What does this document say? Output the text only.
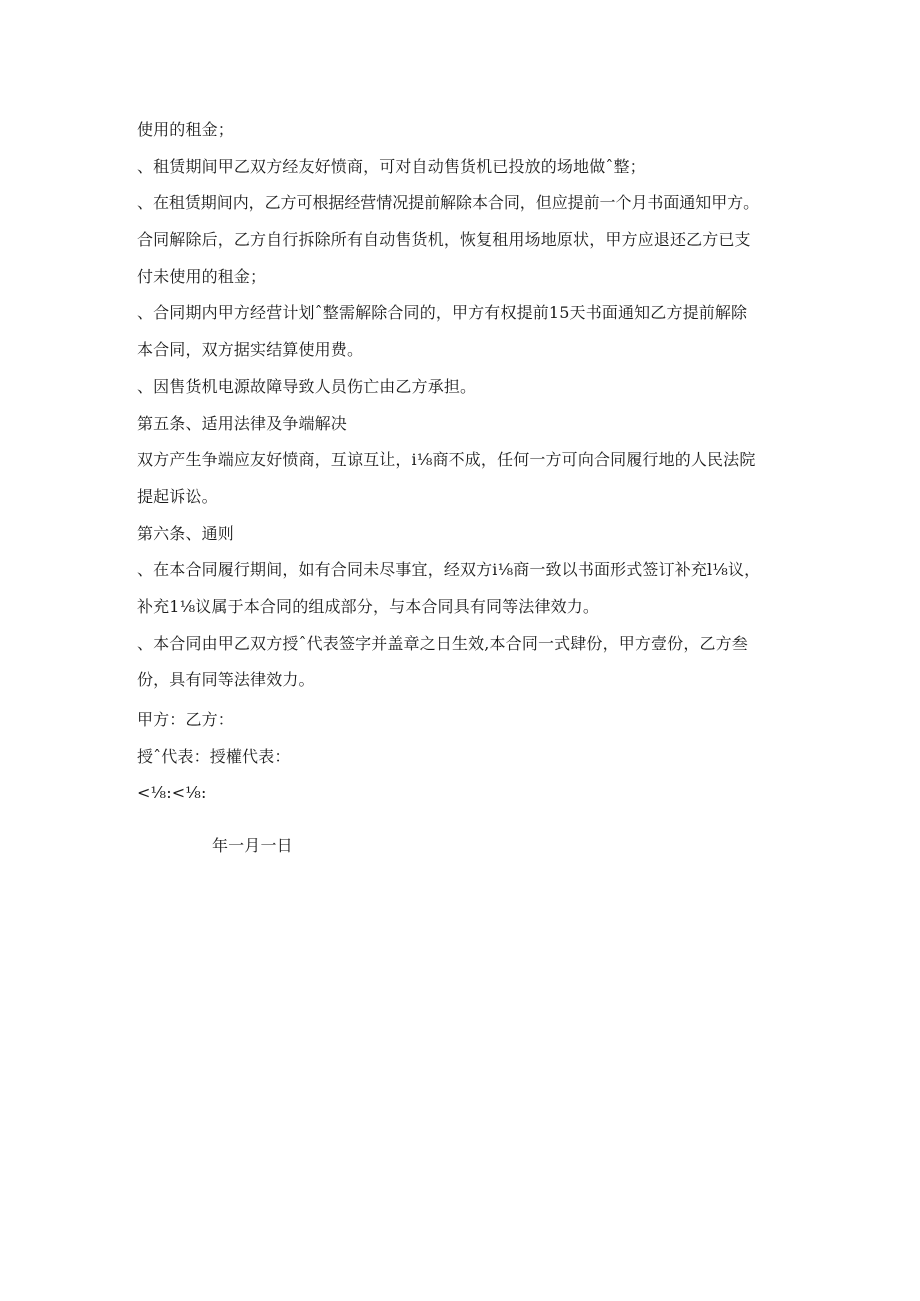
使用的租金；
、租赁期间甲乙双方经友好愤商，可对自动售货机已投放的场地做ˆ整；
、在租赁期间内，乙方可根据经营情况提前解除本合同，但应提前一个月书面通知甲方。
合同解除后，乙方自行拆除所有自动售货机，恢复租用场地原状，甲方应退还乙方已支
付未使用的租金；
、合同期内甲方经营计划ˆ整需解除合同的，甲方有权提前15天书面通知乙方提前解除
本合同，双方据实结算使用费。
、因售货机电源故障导致人员伤亡由乙方承担。
第五条、适用法律及争端解决
双方产生争端应友好愤商，互谅互让，i⅛商不成，任何一方可向合同履行地的人民法院
提起诉讼。
第六条、通则
、在本合同履行期间，如有合同未尽事宜，经双方i⅛商一致以书面形式签订补充l⅛议，
补充1⅛议属于本合同的组成部分，与本合同具有同等法律效力。
、本合同由甲乙双方授ˆ代表签字并盖章之日生效,本合同一式肆份，甲方壹份，乙方叁
份，具有同等法律效力。
甲方：乙方：
授ˆ代表：授權代表：
<⅛:<⅛:
年一月一日
